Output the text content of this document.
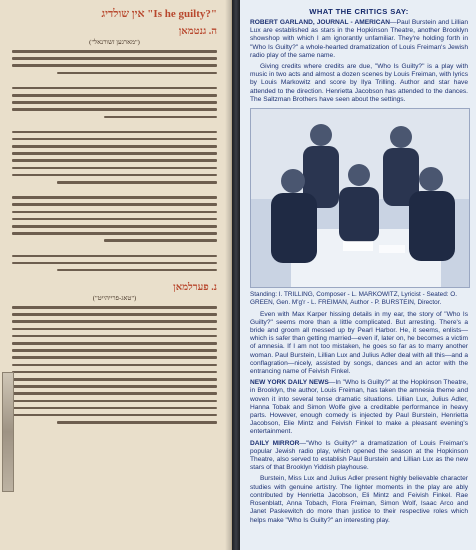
"?Is he guilty" אין שולדיג
ה. גנטמאן
("מארגען זשורנאל")
נ. פערלמאן
("טאג-פרייהייט")
WHAT THE CRITICS SAY:

ROBERT GARLAND, JOURNAL - AMERICAN—Paul Burstein and Lillian Lux are established as stars in the Hopkinson Theatre, another Brooklyn showshop with which I am ignorantly unfamiliar. They're holding forth in "Who Is Guilty?" a whole-hearted dramatization of Louis Freiman's Jewish radio play of the same name.

Giving credits where credits are due, "Who Is Guilty?" is a play with music in two acts and almost a dozen scenes by Louis Freiman, with lyrics by Louis Markowitz and score by Ilya Trilling. Author and star have attended to the direction. Henrietta Jacobson has attended to the dances. The Saltzman Brothers have seen about the settings.

Standing: I. TRILLING, Composer - L. MARKOWITZ, Lyricist - Seated: O. GREEN, Gen. M'g'r - L. FREIMAN, Author - P. BURSTEIN, Director.

Even with Max Karper hissing details in my ear, the story of "Who Is Guilty?" seems more than a little complicated. But arresting. There's a bride and groom all messed up by Pearl Harbor. He, it seems, enlists—which is safer than getting married—even if, later on, he becomes a victim of amnesia. If I am not too mistaken, he goes so far as to marry another woman. Paul Burstein, Lillian Lux and Julius Adler deal with all this—and a conflagration—nicely, assisted by songs, dances and an actor with the entrancing name of Feivish Finkel.

NEW YORK DAILY NEWS—In "Who Is Guilty?" at the Hopkinson Theatre, in Brooklyn, the author, Louis Freiman, has taken the amnesia theme and woven it into several tense dramatic situations. Lillian Lux, Julius Adler, Hanna Tobak and Simon Wolfe give a creditable performance in heavy parts. However, enough comedy is injected by Paul Burstein, Henrietta Jacobson, Elie Mintz and Feivish Finkel to make a pleasant evening's entertainment.

DAILY MIRROR—"Who Is Guilty?" a dramatization of Louis Freiman's popular Jewish radio play, which opened the season at the Hopkinson Theatre, also served to establish Paul Burstein and Lillian Lux as the new stars of that Brooklyn Yiddish playhouse.

Burstein, Miss Lux and Julius Adler present highly believable character studies with genuine artistry. The lighter moments in the play are ably contributed by Henrietta Jacobson, Eli Mintz and Feivish Finkel. Rae Rosenblatt, Anna Tobach, Flora Freiman, Simon Wolf, Isaac Arco and Janet Paskewitch do more than justice to their respective roles which helps make "Who Is Guilty?" an interesting play.
